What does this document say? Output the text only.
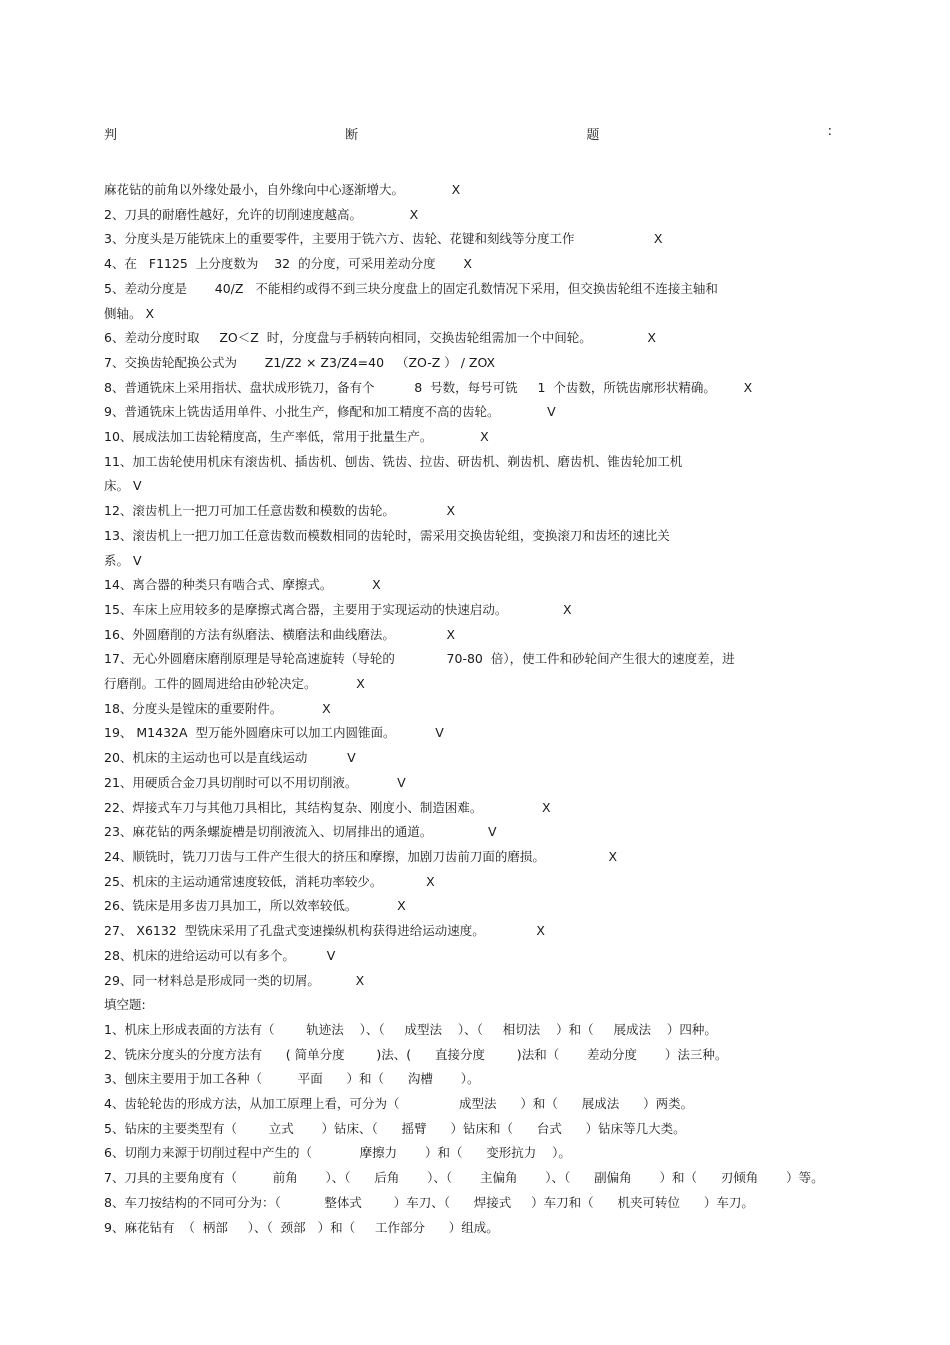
判	断	题	:
麻花钻的前角以外缘处最小，自外缘向中心逐渐增大。            X
2、刀具的耐磨性越好，允许的切削速度越高。            X
3、分度头是万能铣床上的重要零件，主要用于铣六方、齿轮、花键和刻线等分度工作                    X
4、在   F1125  上分度数为    32  的分度，可采用差动分度       X
5、差动分度是       40/Z   不能相约或得不到三块分度盘上的固定孔数情况下采用，但交换齿轮组不连接主轴和
侧轴。 X
6、差动分度时取     ZO＜Z  时，分度盘与手柄转向相同，交换齿轮组需加一个中间轮。              X
7、交换齿轮配换公式为       Z1/Z2 × Z3/Z4=40   （ZO-Z ） / ZOX
8、普通铣床上采用指状、盘状成形铣刀，备有个          8  号数，每号可铣     1  个齿数，所铣齿廓形状精确。       X
9、普通铣床上铣齿适用单件、小批生产，修配和加工精度不高的齿轮。            V
10、展成法加工齿轮精度高，生产率低，常用于批量生产。            X
11、加工齿轮使用机床有滚齿机、插齿机、刨齿、铣齿、拉齿、研齿机、剃齿机、磨齿机、锥齿轮加工机
床。 V
12、滚齿机上一把刀可加工任意齿数和模数的齿轮。             X
13、滚齿机上一把刀加工任意齿数而模数相同的齿轮时，需采用交换齿轮组，变换滚刀和齿坯的速比关
系。 V
14、离合器的种类只有啮合式、摩擦式。          X
15、车床上应用较多的是摩擦式离合器，主要用于实现运动的快速启动。              X
16、外圆磨削的方法有纵磨法、横磨法和曲线磨法。             X
17、无心外圆磨床磨削原理是导轮高速旋转（导轮的             70-80  倍），使工件和砂轮间产生很大的速度差，进
行磨削。工件的圆周进给由砂轮决定。          X
18、分度头是镗床的重要附件。          X
19、 M1432A  型万能外圆磨床可以加工内圆锥面。          V
20、机床的主运动也可以是直线运动          V
21、用硬质合金刀具切削时可以不用切削液。          V
22、焊接式车刀与其他刀具相比，其结构复杂、刚度小、制造困难。               X
23、麻花钻的两条螺旋槽是切削液流入、切屑排出的通道。              V
24、顺铣时，铣刀刀齿与工件产生很大的挤压和摩擦，加剧刀齿前刀面的磨损。                X
25、机床的主运动通常速度较低，消耗功率较少。           X
26、铣床是用多齿刀具加工，所以效率较低。          X
27、 X6132  型铣床采用了孔盘式变速操纵机构获得进给运动速度。             X
28、机床的进给运动可以有多个。        V
29、同一材料总是形成同一类的切屑。         X
填空题:
1、机床上形成表面的方法有（        轨迹法    ）、（     成型法    ）、（     相切法    ）和（     展成法    ）四种。
2、铣床分度头的分度方法有      ( 简单分度        )法、(      直接分度        )法和（       差动分度       ）法三种。
3、刨床主要用于加工各种（         平面      ）和（      沟槽       ）。
4、齿轮轮齿的形成方法，从加工原理上看，可分为（               成型法      ）和（      展成法      ）两类。
5、钻床的主要类型有（        立式       ）钻床、（      摇臂      ）钻床和（      台式      ）钻床等几大类。
6、切削力来源于切削过程中产生的（            摩擦力       ）和（      变形抗力    ）。
7、刀具的主要角度有（         前角       ）、（      后角       ）、（       主偏角       ）、（      副偏角       ）和（      刃倾角       ）等。
8、车刀按结构的不同可分为：（           整体式        ）车刀、（      焊接式     ）车刀和（      机夹可转位      ）车刀。
9、麻花钻有  （  柄部     ）、（  颈部   ）和（     工作部分      ）组成。
